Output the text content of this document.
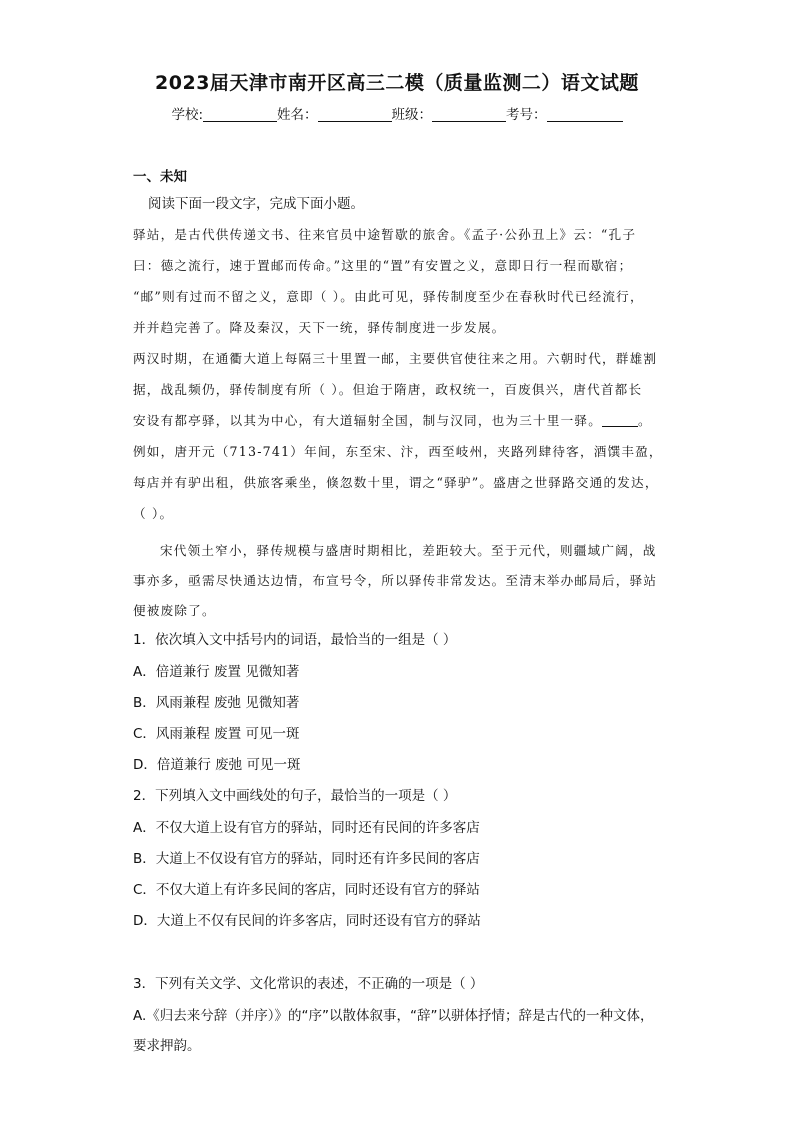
2023届天津市南开区高三二模（质量监测二）语文试题
学校:	姓名：	班级：	考号：
一、未知
阅读下面一段文字，完成下面小题。
驿站，是古代供传递文书、往来官员中途暂歇的旅舍。《孟子·公孙丑上》云：“孔子
曰：德之流行，速于置邮而传命。”这里的“置”有安置之义，意即日行一程而歇宿；
“邮”则有过而不留之义，意即（ ）。由此可见，驿传制度至少在春秋时代已经流行，
并并趋完善了。降及秦汉，天下一统，驿传制度进一步发展。
两汉时期，在通衢大道上每隔三十里置一邮，主要供官使往来之用。六朝时代，群雄割
据，战乱频仍，驿传制度有所（ ）。但迨于隋唐，政权统一，百废俱兴，唐代首都长
安设有都亭驿，以其为中心，有大道辐射全国，制与汉同，也为三十里一驿。	。
例如，唐开元（713-741）年间，东至宋、汴，西至岐州，夹路列肆待客，酒馔丰盈，
每店并有驴出租，供旅客乘坐，倏忽数十里，谓之“驿驴”。盛唐之世驿路交通的发达，
（ ）。
宋代领土窄小，驿传规模与盛唐时期相比，差距较大。至于元代，则疆域广阔，战
事亦多，亟需尽快通达边情，布宣号令，所以驿传非常发达。至清末举办邮局后，驿站
便被废除了。
1．依次填入文中括号内的词语，最恰当的一组是（ ）
A．倍道兼行 废置 见微知著
B．风雨兼程 废弛 见微知著
C．风雨兼程 废置 可见一斑
D．倍道兼行 废弛 可见一斑
2．下列填入文中画线处的句子，最恰当的一项是（ ）
A．不仅大道上设有官方的驿站，同时还有民间的许多客店
B．大道上不仅设有官方的驿站，同时还有许多民间的客店
C．不仅大道上有许多民间的客店，同时还设有官方的驿站
D．大道上不仅有民间的许多客店，同时还设有官方的驿站
3．下列有关文学、文化常识的表述，不正确的一项是（ ）
A.《归去来兮辞（并序）》的“序”以散体叙事，“辞”以骈体抒情；辞是古代的一种文体，
要求押韵。
